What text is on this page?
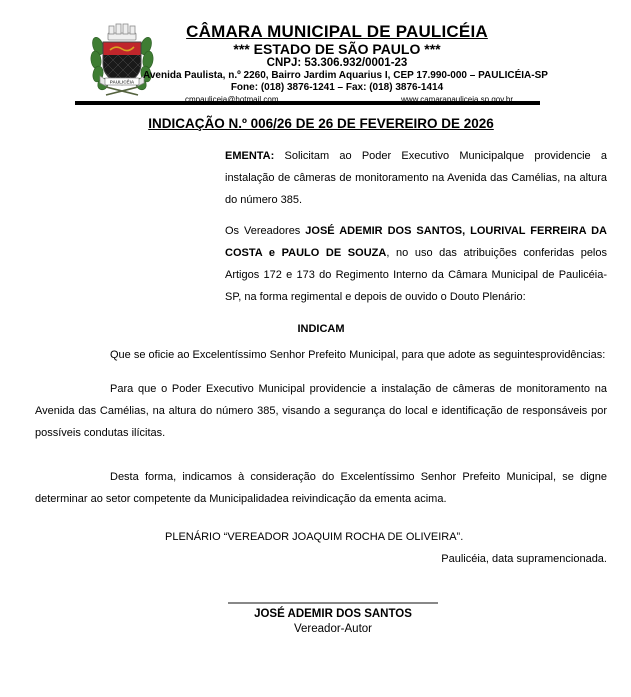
PAULICÉIA
CÂMARA MUNICIPAL DE PAULICÉIA
*** ESTADO DE SÃO PAULO ***
CNPJ: 53.306.932/0001-23
Avenida Paulista, n.º 2260, Bairro Jardim Aquarius I, CEP 17.990-000 – PAULICÉIA-SP
Fone: (018) 3876-1241 – Fax: (018) 3876-1414
cmpauliceia@hotmail.com	www.camarapauliceia.sp.gov.br
INDICAÇÃO N.º 006/26 DE 26 DE FEVEREIRO DE 2026

EMENTA: Solicitam ao Poder Executivo Municipalque providencie a instalação de câmeras de monitoramento na Avenida das Camélias, na altura do número 385.

Os Vereadores JOSÉ ADEMIR DOS SANTOS, LOURIVAL FERREIRA DA COSTA e PAULO DE SOUZA, no uso das atribuições conferidas pelos Artigos 172 e 173 do Regimento Interno da Câmara Municipal de Paulicéia-SP, na forma regimental e depois de ouvido o Douto Plenário:

INDICAM

Que se oficie ao Excelentíssimo Senhor Prefeito Municipal, para que adote as seguintesprovidências:

Para que o Poder Executivo Municipal providencie a instalação de câmeras de monitoramento na Avenida das Camélias, na altura do número 385, visando a segurança do local e identificação de responsáveis por possíveis condutas ilícitas.

Desta forma, indicamos à consideração do Excelentíssimo Senhor Prefeito Municipal, se digne determinar ao setor competente da Municipalidadea reivindicação da ementa acima.

PLENÁRIO “VEREADOR JOAQUIM ROCHA DE OLIVEIRA”.

Paulicéia, data supramencionada.

JOSÉ ADEMIR DOS SANTOS
Vereador-Autor
